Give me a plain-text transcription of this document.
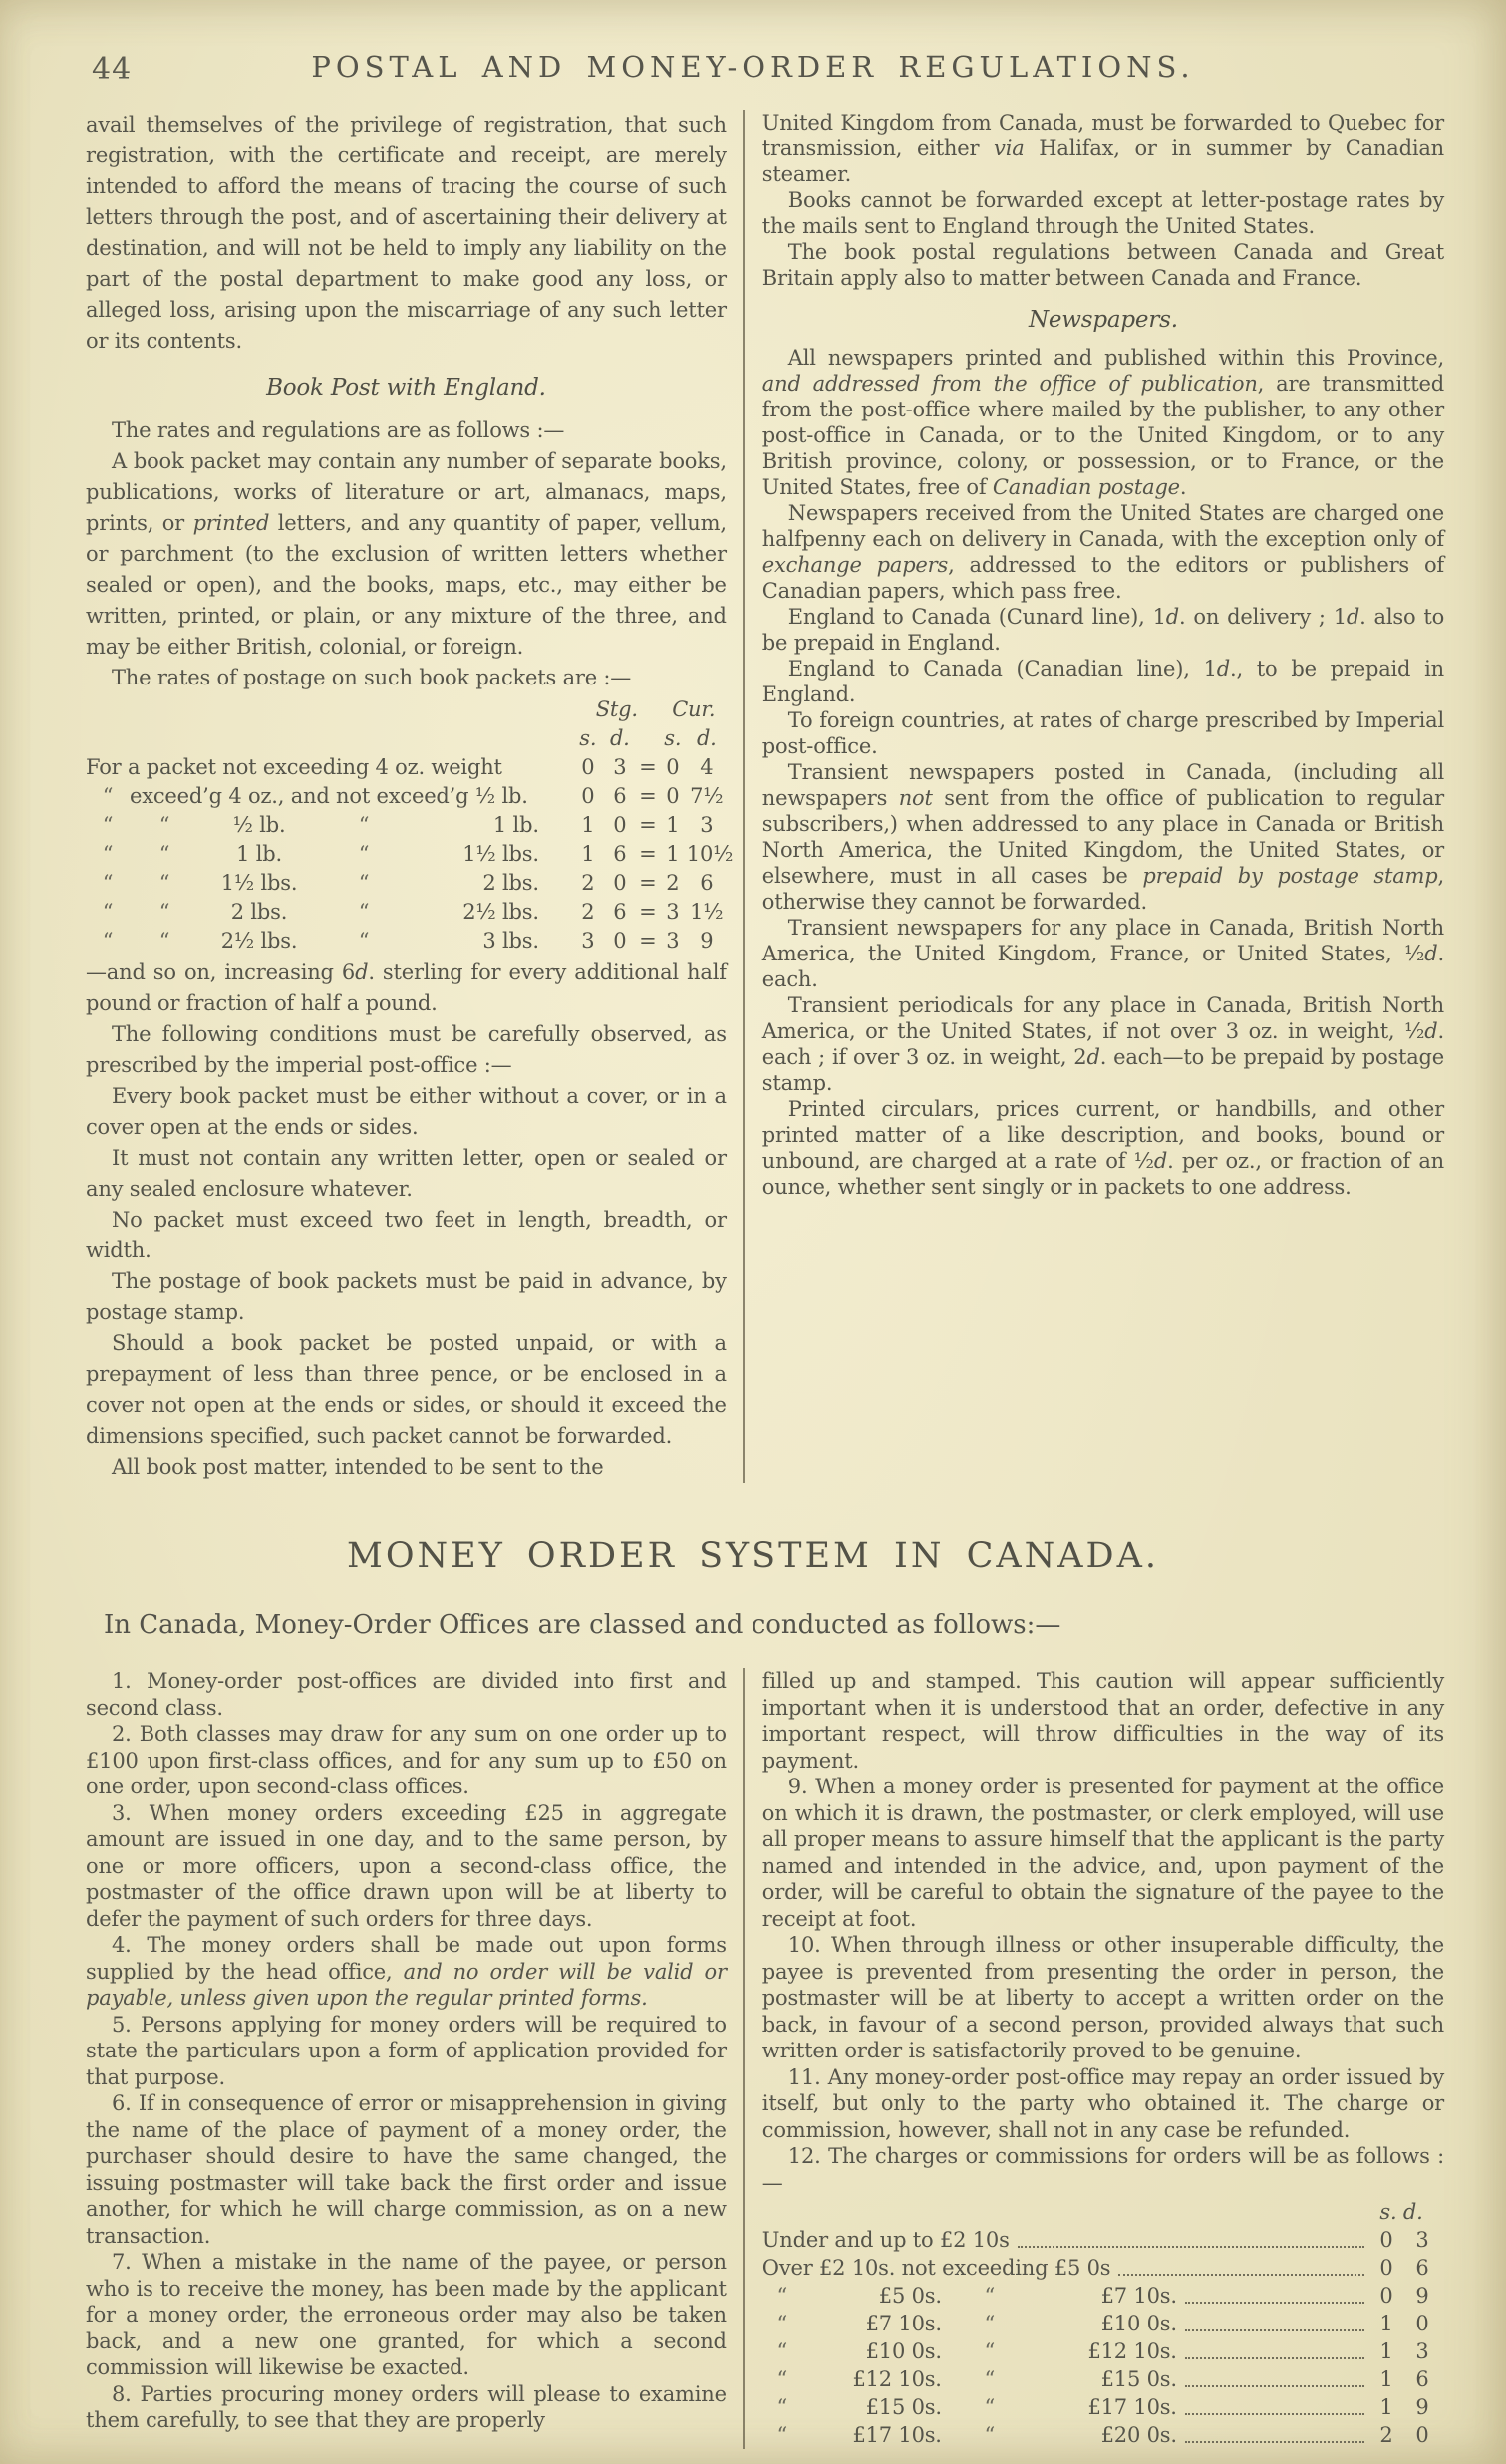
44	POSTAL AND MONEY-ORDER REGULATIONS.

avail themselves of the privilege of registration, that such registration, with the certificate and receipt, are merely intended to afford the means of tracing the course of such letters through the post, and of ascertaining their delivery at destination, and will not be held to imply any liability on the part of the postal department to make good any loss, or alleged loss, arising upon the miscarriage of any such letter or its contents.

Book Post with England.

The rates and regulations are as follows :—

A book packet may contain any number of separate books, publications, works of literature or art, almanacs, maps, prints, or printed letters, and any quantity of paper, vellum, or parchment (to the exclusion of written letters whether sealed or open), and the books, maps, etc., may either be written, printed, or plain, or any mixture of the three, and may be either British, colonial, or foreign.

The rates of postage on such book packets are :—

Stg.	Cur.
s. d.	s. d.
For a packet not exceeding 4 oz. weight	0 3 = 0 4
“ exceed’g 4 oz., and not exceed’g ½ lb.	0 6 = 0 7½
“	“	½ lb.	“	1 lb.	1 0 = 1 3
“	“	1 lb.	“	1½ lbs.	1 6 = 1 10½
“	“	1½ lbs.	“	2 lbs.	2 0 = 2 6
“	“	2 lbs.	“	2½ lbs.	2 6 = 3 1½
“	“	2½ lbs.	“	3 lbs.	3 0 = 3 9

—and so on, increasing 6d. sterling for every additional half pound or fraction of half a pound.

The following conditions must be carefully observed, as prescribed by the imperial post-office :—

Every book packet must be either without a cover, or in a cover open at the ends or sides.

It must not contain any written letter, open or sealed or any sealed enclosure whatever.

No packet must exceed two feet in length, breadth, or width.

The postage of book packets must be paid in advance, by postage stamp.

Should a book packet be posted unpaid, or with a prepayment of less than three pence, or be enclosed in a cover not open at the ends or sides, or should it exceed the dimensions specified, such packet cannot be forwarded.

All book post matter, intended to be sent to the

United Kingdom from Canada, must be forwarded to Quebec for transmission, either via Halifax, or in summer by Canadian steamer.

Books cannot be forwarded except at letter-postage rates by the mails sent to England through the United States.

The book postal regulations between Canada and Great Britain apply also to matter between Canada and France.

Newspapers.

All newspapers printed and published within this Province, and addressed from the office of publication, are transmitted from the post-office where mailed by the publisher, to any other post-office in Canada, or to the United Kingdom, or to any British province, colony, or possession, or to France, or the United States, free of Canadian postage.

Newspapers received from the United States are charged one halfpenny each on delivery in Canada, with the exception only of exchange papers, addressed to the editors or publishers of Canadian papers, which pass free.

England to Canada (Cunard line), 1d. on delivery ; 1d. also to be prepaid in England.

England to Canada (Canadian line), 1d., to be prepaid in England.

To foreign countries, at rates of charge prescribed by Imperial post-office.

Transient newspapers posted in Canada, (including all newspapers not sent from the office of publication to regular subscribers,) when addressed to any place in Canada or British North America, the United Kingdom, the United States, or elsewhere, must in all cases be prepaid by postage stamp, otherwise they cannot be forwarded.

Transient newspapers for any place in Canada, British North America, the United Kingdom, France, or United States, ½d. each.

Transient periodicals for any place in Canada, British North America, or the United States, if not over 3 oz. in weight, ½d. each ; if over 3 oz. in weight, 2d. each—to be prepaid by postage stamp.

Printed circulars, prices current, or handbills, and other printed matter of a like description, and books, bound or unbound, are charged at a rate of ½d. per oz., or fraction of an ounce, whether sent singly or in packets to one address.

MONEY ORDER SYSTEM IN CANADA.
In Canada, Money-Order Offices are classed and conducted as follows:—

1. Money-order post-offices are divided into first and second class.

2. Both classes may draw for any sum on one order up to £100 upon first-class offices, and for any sum up to £50 on one order, upon second-class offices.

3. When money orders exceeding £25 in aggregate amount are issued in one day, and to the same person, by one or more officers, upon a second-class office, the postmaster of the office drawn upon will be at liberty to defer the payment of such orders for three days.

4. The money orders shall be made out upon forms supplied by the head office, and no order will be valid or payable, unless given upon the regular printed forms.

5. Persons applying for money orders will be required to state the particulars upon a form of application provided for that purpose.

6. If in consequence of error or misapprehension in giving the name of the place of payment of a money order, the purchaser should desire to have the same changed, the issuing postmaster will take back the first order and issue another, for which he will charge commission, as on a new transaction.

7. When a mistake in the name of the payee, or person who is to receive the money, has been made by the applicant for a money order, the erroneous order may also be taken back, and a new one granted, for which a second commission will likewise be exacted.

8. Parties procuring money orders will please to examine them carefully, to see that they are properly

filled up and stamped. This caution will appear sufficiently important when it is understood that an order, defective in any important respect, will throw difficulties in the way of its payment.

9. When a money order is presented for payment at the office on which it is drawn, the postmaster, or clerk employed, will use all proper means to assure himself that the applicant is the party named and intended in the advice, and, upon payment of the order, will be careful to obtain the signature of the payee to the receipt at foot.

10. When through illness or other insuperable difficulty, the payee is prevented from presenting the order in person, the postmaster will be at liberty to accept a written order on the back, in favour of a second person, provided always that such written order is satisfactorily proved to be genuine.

11. Any money-order post-office may repay an order issued by itself, but only to the party who obtained it. The charge or commission, however, shall not in any case be refunded.

12. The charges or commissions for orders will be as follows :—

s. d.
Under and up to £2 10s	0	3
Over £2 10s. not exceeding £5 0s	0	6
“	£5 0s.	“	£7 10s.	0	9
“	£7 10s.	“	£10 0s.	1	0
“	£10 0s.	“	£12 10s.	1	3
“	£12 10s.	“	£15 0s.	1	6
“	£15 0s.	“	£17 10s.	1	9
“	£17 10s.	“	£20 0s.	2	0
